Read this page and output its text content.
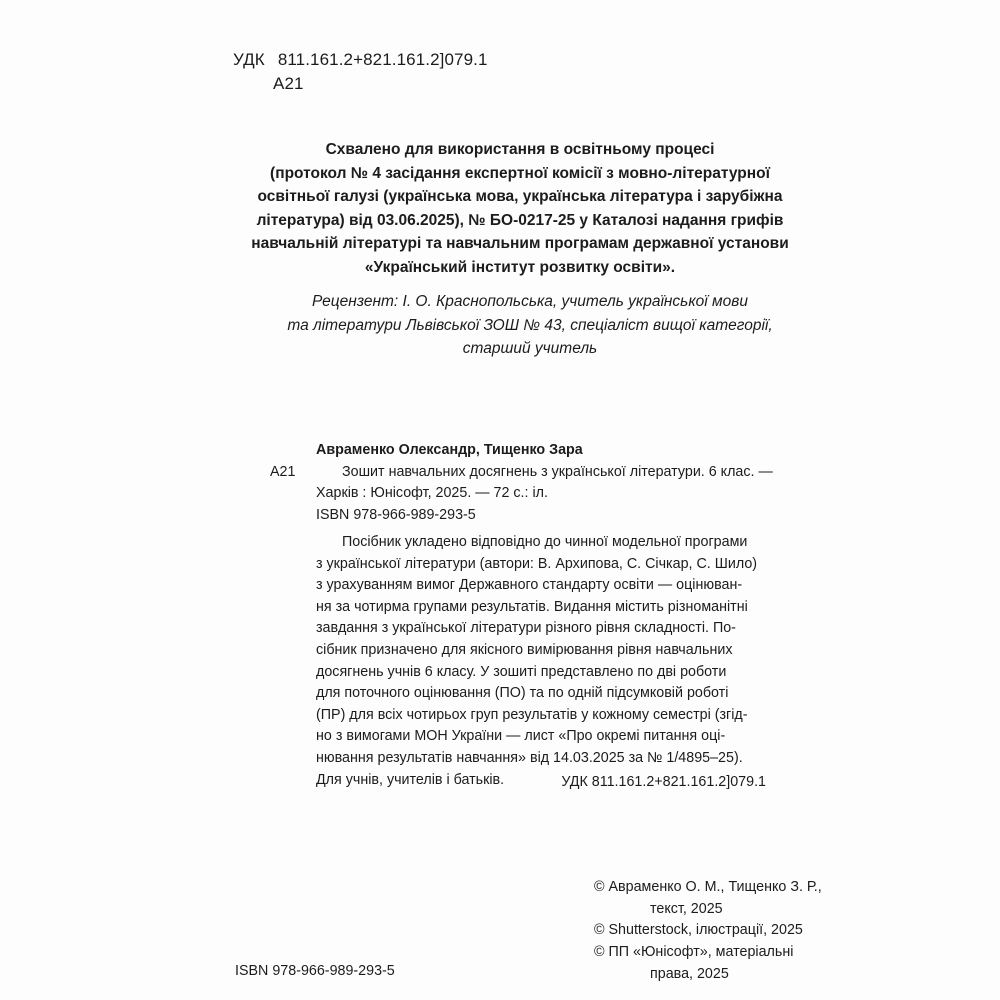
УДК 811.161.2+821.161.2]079.1
А21
Схвалено для використання в освітньому процесі
(протокол № 4 засідання експертної комісії з мовно-літературної
освітньої галузі (українська мова, українська література і зарубіжна
література) від 03.06.2025), № БО-0217-25 у Каталозі надання грифів
навчальній літературі та навчальним програмам державної установи
«Український інститут розвитку освіти».
Рецензент: І. О. Краснопольська, учитель української мови
та літератури Львівської ЗОШ № 43, спеціаліст вищої категорії,
старший учитель
Авраменко Олександр, Тищенко Зара
А21	Зошит навчальних досягнень з української літератури. 6 клас. —
Харків : Юнісофт, 2025. — 72 с.: іл.
ISBN 978-966-989-293-5
Посібник укладено відповідно до чинної модельної програми
з української літератури (автори: В. Архипова, С. Січкар, С. Шило)
з урахуванням вимог Державного стандарту освіти — оцінюван-
ня за чотирма групами результатів. Видання містить різноманітні
завдання з української літератури різного рівня складності. По-
сібник призначено для якісного вимірювання рівня навчальних
досягнень учнів 6 класу. У зошиті представлено по дві роботи
для поточного оцінювання (ПО) та по одній підсумковій роботі
(ПР) для всіх чотирьох груп результатів у кожному семестрі (згід-
но з вимогами МОН України — лист «Про окремі питання оці-
нювання результатів навчання» від 14.03.2025 за № 1/4895–25).
Для учнів, учителів і батьків.	УДК 811.161.2+821.161.2]079.1
© Авраменко О. М., Тищенко З. Р.,
текст, 2025
© Shutterstock, ілюстрації, 2025
© ПП «Юнісофт», матеріальні
права, 2025
ISBN 978-966-989-293-5
